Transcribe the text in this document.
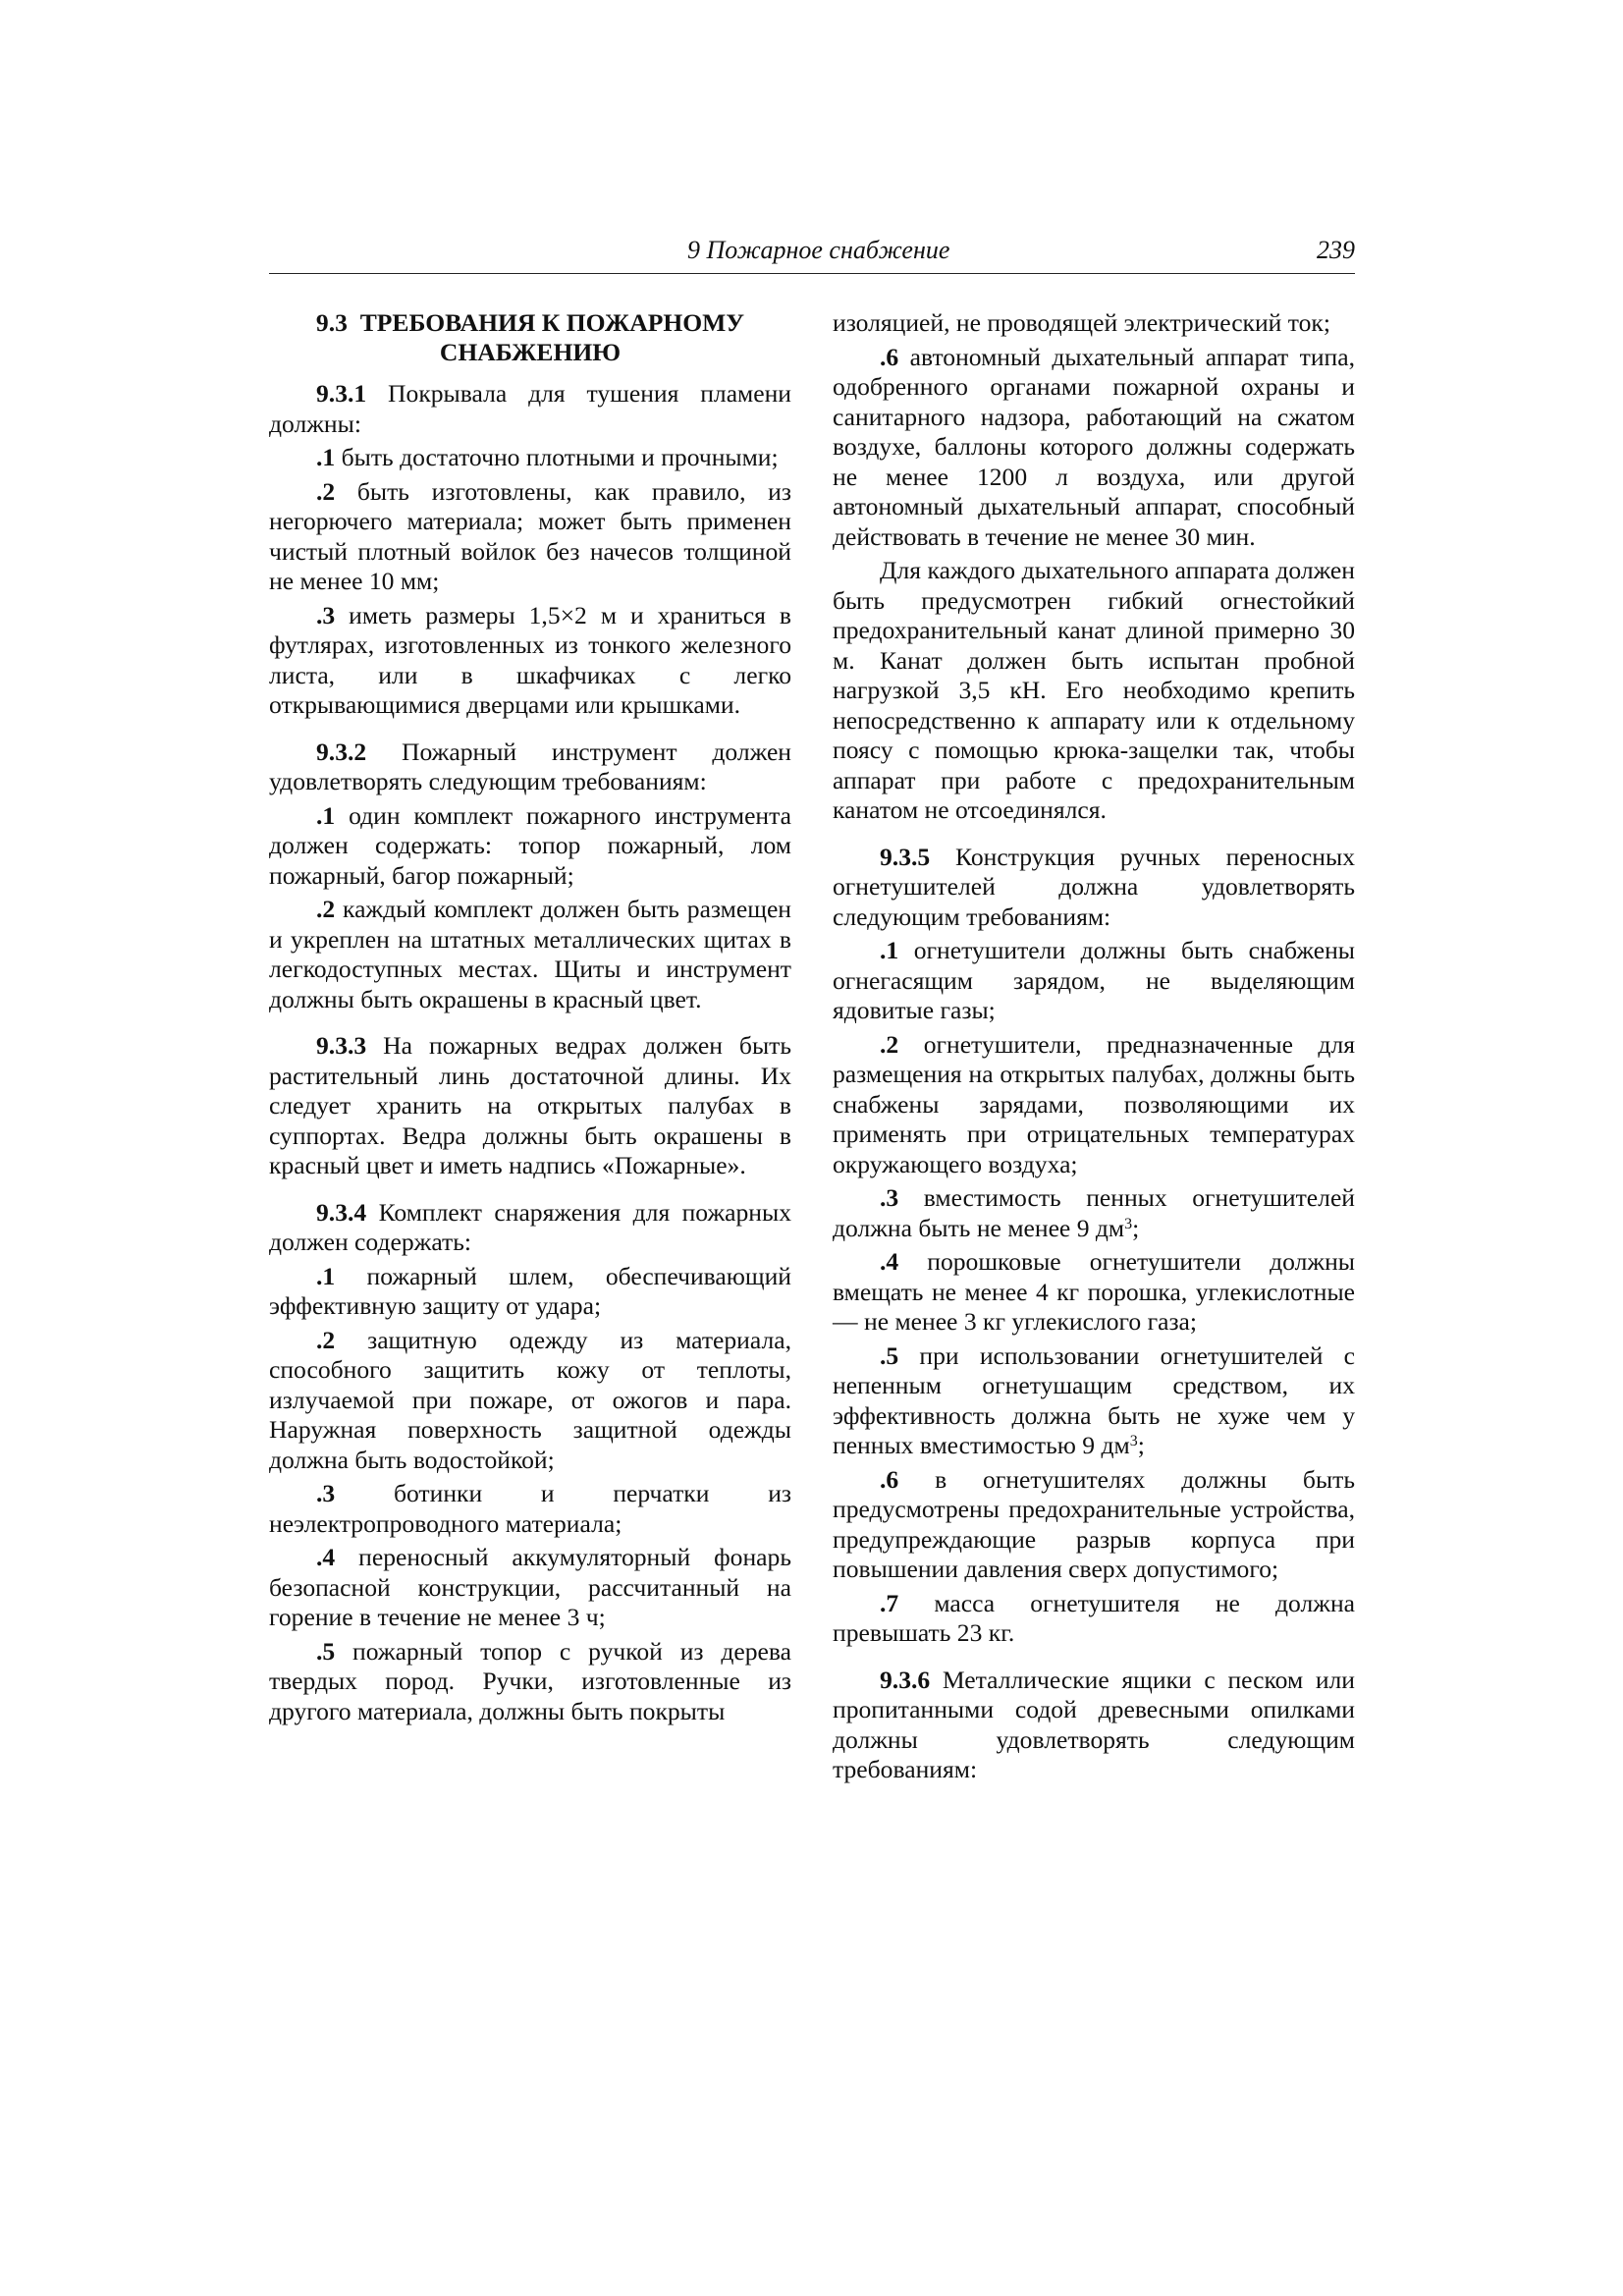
9 Пожарное снабжение	239
9.3 ТРЕБОВАНИЯ К ПОЖАРНОМУ
СНАБЖЕНИЮ

9.3.1 Покрывала для тушения пламени должны:

.1 быть достаточно плотными и прочными;

.2 быть изготовлены, как правило, из негорючего материала; может быть применен чистый плотный войлок без начесов толщиной не менее 10 мм;

.3 иметь размеры 1,5×2 м и храниться в футлярах, изготовленных из тонкого железного листа, или в шкафчиках с легко открывающимися дверцами или крышками.

9.3.2 Пожарный инструмент должен удовлетворять следующим требованиям:

.1 один комплект пожарного инструмента должен содержать: топор пожарный, лом пожарный, багор пожарный;

.2 каждый комплект должен быть размещен и укреплен на штатных металлических щитах в легкодоступных местах. Щиты и инструмент должны быть окрашены в красный цвет.

9.3.3 На пожарных ведрах должен быть растительный линь достаточной длины. Их следует хранить на открытых палубах в суппортах. Ведра должны быть окрашены в красный цвет и иметь надпись «Пожарные».

9.3.4 Комплект снаряжения для пожарных должен содержать:

.1 пожарный шлем, обеспечивающий эффективную защиту от удара;

.2 защитную одежду из материала, способного защитить кожу от теплоты, излучаемой при пожаре, от ожогов и пара. Наружная поверхность защитной одежды должна быть водостойкой;

.3 ботинки и перчатки из неэлектропроводного материала;

.4 переносный аккумуляторный фонарь безопасной конструкции, рассчитанный на горение в течение не менее 3 ч;

.5 пожарный топор с ручкой из дерева твердых пород. Ручки, изготовленные из другого материала, должны быть покрыты

изоляцией, не проводящей электрический ток;

.6 автономный дыхательный аппарат типа, одобренного органами пожарной охраны и санитарного надзора, работающий на сжатом воздухе, баллоны которого должны содержать не менее 1200 л воздуха, или другой автономный дыхательный аппарат, способный действовать в течение не менее 30 мин.

Для каждого дыхательного аппарата должен быть предусмотрен гибкий огнестойкий предохранительный канат длиной примерно 30 м. Канат должен быть испытан пробной нагрузкой 3,5 кН. Его необходимо крепить непосредственно к аппарату или к отдельному поясу с помощью крюка-защелки так, чтобы аппарат при работе с предохранительным канатом не отсоединялся.

9.3.5 Конструкция ручных переносных огнетушителей должна удовлетворять следующим требованиям:

.1 огнетушители должны быть снабжены огнегасящим зарядом, не выделяющим ядовитые газы;

.2 огнетушители, предназначенные для размещения на открытых палубах, должны быть снабжены зарядами, позволяющими их применять при отрицательных температурах окружающего воздуха;

.3 вместимость пенных огнетушителей должна быть не менее 9 $дм^3$;

.4 порошковые огнетушители должны вмещать не менее 4 кг порошка, углекислотные — не менее 3 кг углекислого газа;

.5 при использовании огнетушителей с непенным огнетушащим средством, их эффективность должна быть не хуже чем у пенных вместимостью 9 $дм^3$;

.6 в огнетушителях должны быть предусмотрены предохранительные устройства, предупреждающие разрыв корпуса при повышении давления сверх допустимого;

.7 масса огнетушителя не должна превышать 23 кг.

9.3.6 Металлические ящики с песком или пропитанными содой древесными опилками должны удовлетворять следующим требованиям:
